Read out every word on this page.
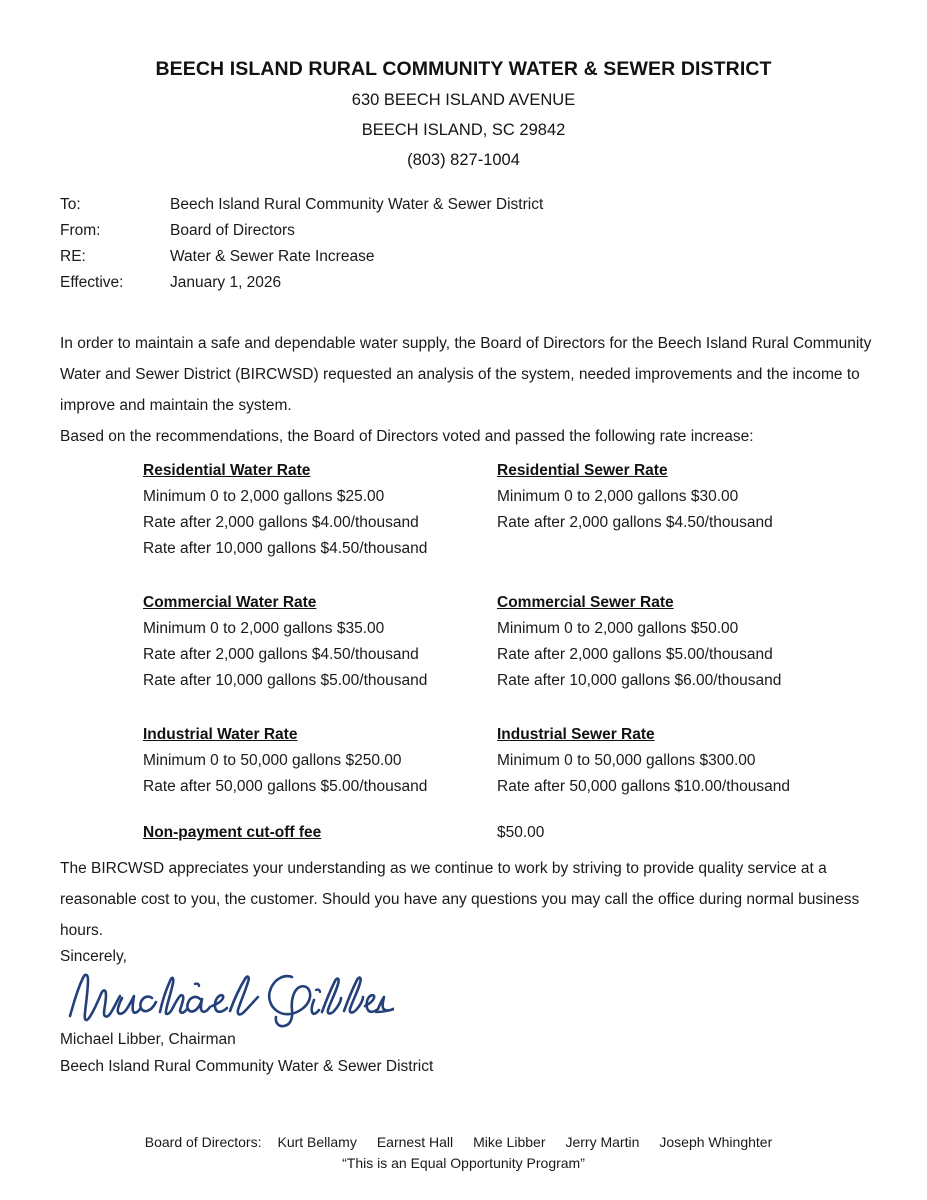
BEECH ISLAND RURAL COMMUNITY WATER & SEWER DISTRICT
630 BEECH ISLAND AVENUE
BEECH ISLAND, SC 29842
(803) 827-1004
To:	Beech Island Rural Community Water & Sewer District
From:	Board of Directors
RE:	Water & Sewer Rate Increase
Effective:	January 1, 2026
In order to maintain a safe and dependable water supply, the Board of Directors for the Beech Island Rural Community Water and Sewer District (BIRCWSD) requested an analysis of the system, needed improvements and the income to improve and maintain the system.
Based on the recommendations, the Board of Directors voted and passed the following rate increase:
Residential Water Rate
Minimum 0 to 2,000 gallons $25.00
Rate after 2,000 gallons $4.00/thousand
Rate after 10,000 gallons $4.50/thousand
Residential Sewer Rate
Minimum 0 to 2,000 gallons $30.00
Rate after 2,000 gallons $4.50/thousand
Commercial Water Rate
Minimum 0 to 2,000 gallons $35.00
Rate after 2,000 gallons $4.50/thousand
Rate after 10,000 gallons $5.00/thousand
Commercial Sewer Rate
Minimum 0 to 2,000 gallons $50.00
Rate after 2,000 gallons $5.00/thousand
Rate after 10,000 gallons $6.00/thousand
Industrial Water Rate
Minimum 0 to 50,000 gallons $250.00
Rate after 50,000 gallons $5.00/thousand
Industrial Sewer Rate
Minimum 0 to 50,000 gallons $300.00
Rate after 50,000 gallons $10.00/thousand
Non-payment cut-off fee	$50.00
The BIRCWSD appreciates your understanding as we continue to work by striving to provide quality service at a reasonable cost to you, the customer. Should you have any questions you may call the office during normal business hours.
Sincerely,
Michael Libber, Chairman
Beech Island Rural Community Water & Sewer District
Board of Directors: Kurt Bellamy Earnest Hall Mike Libber Jerry Martin Joseph Whinghter
“This is an Equal Opportunity Program”
